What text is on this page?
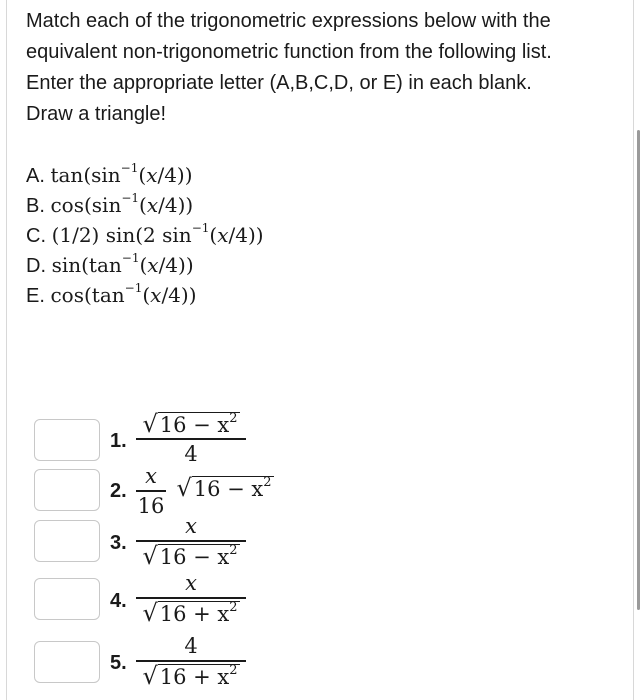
Match each of the trigonometric expressions below with the

equivalent non-trigonometric function from the following list.

Enter the appropriate letter (A,B,C,D, or E) in each blank.

Draw a triangle!

A. $\tan(\sin^{-1}(x/4))$
B. $\cos(\sin^{-1}(x/4))$
C. (1/2) sin(2 $\sin^{-1}(x/4)$)
D. $\sin(\tan^{-1}(x/4))$
E. $\cos(\tan^{-1}(x/4))$
1.
$√16 - x^2$
4
2.
x
16
$√16 - x^2$
3.
x
$√16 - x^2$
4.
x
$√16 + x^2$
5.
4
$√16 + x^2$
